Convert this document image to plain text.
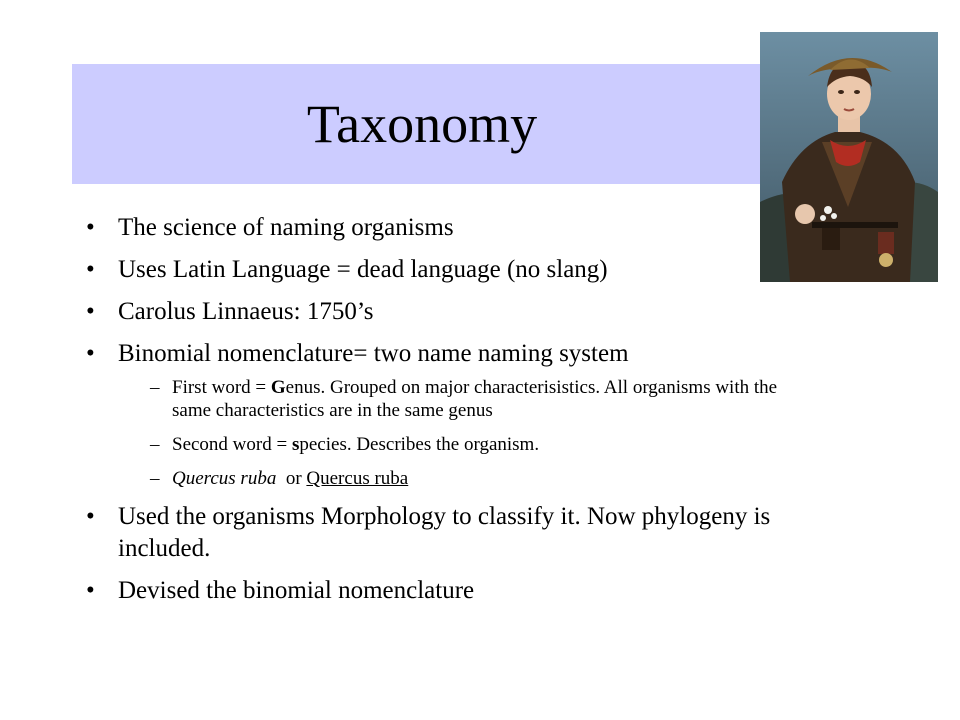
Taxonomy
• The science of naming organisms
• Uses Latin Language = dead language (no slang)
• Carolus Linnaeus: 1750’s
• Binomial nomenclature= two name naming system
– First word = Genus. Grouped on major characterisistics. All organisms with the same characteristics are in the same genus
– Second word = species. Describes the organism.
– Quercus ruba  or Quercus ruba
• Used the organisms Morphology to classify it. Now phylogeny is included.
• Devised the binomial nomenclature
